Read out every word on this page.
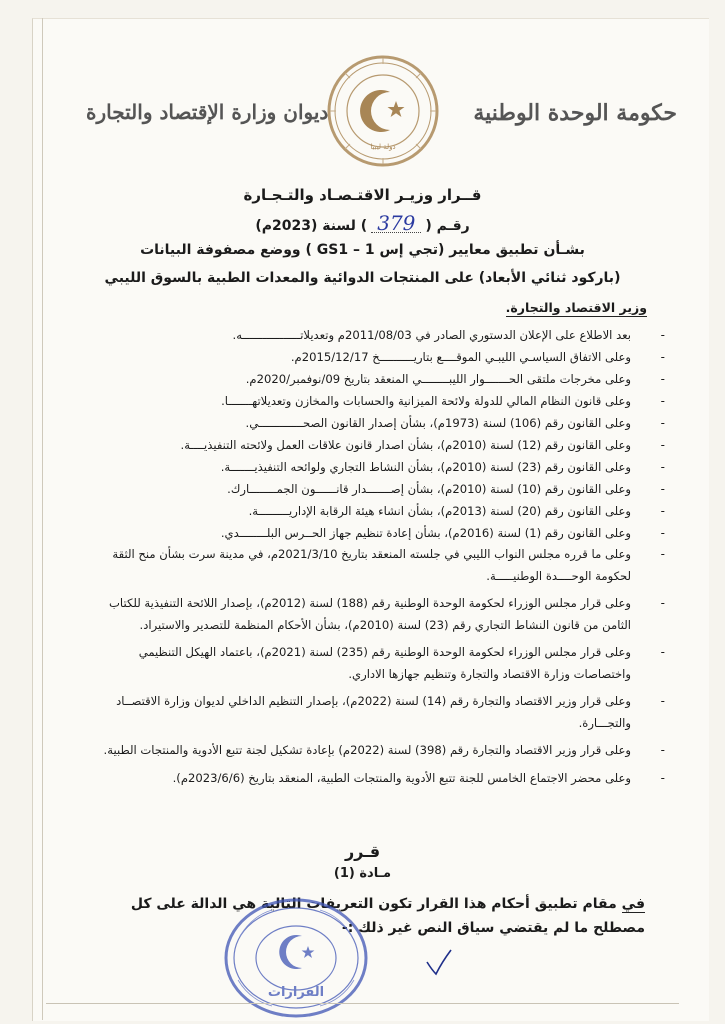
حكومة الوحدة الوطنية
ديوان وزارة الإقتصاد والتجارة
دولة ليبيا
قــرار وزيـر الاقتـصـاد والتـجـارة
رقـم (379) لسنة (2023م)
بشـأن تطبيق معايير (تجي إس 1 – GS1 ) ووضع مصفوفة البيانات
(باركود ثنائي الأبعاد) على المنتجات الدوائية والمعدات الطبية بالسوق الليبي
وزير الاقتصاد والتجارة.
-
بعد الاطلاع على الإعلان الدستوري الصادر في 2011/08/03م وتعديلاتـــــــــــــــــه.
-
وعلى الاتفاق السياسـي الليبـي الموقــــع بتاريــــــــــخ 2015/12/17م.
-
وعلى مخرجات ملتقى الحـــــــوار الليبــــــــي المنعقد بتاريخ 09/نوفمبر/2020م.
-
وعلى قانون النظام المالي للدولة ولائحة الميزانية والحسابات والمخازن وتعديلاتهـــــــا.
-
وعلى القانون رقم (106) لسنة (1973م)، بشأن إصدار القانون الصحـــــــــــــي.
-
وعلى القانون رقم (12) لسنة (2010م)، بشأن اصدار قانون علاقات العمل ولائحته التنفيذيــــة.
-
وعلى القانون رقم (23) لسنة (2010م)، بشأن النشاط التجاري ولوائحه التنفيذيـــــــة.
-
وعلى القانون رقم (10) لسنة (2010م)، بشأن إصـــــــدار قانــــــون الجمــــــــارك.
-
وعلى القانون رقم (20) لسنة (2013م)، بشأن انشاء هيئة الرقابة الإداريـــــــــة.
-
وعلى القانون رقم (1) لسنة (2016م)، بشأن إعادة تنظيم جهاز الحــرس البلــــــــدي.
-
وعلى ما قرره مجلس النواب الليبي في جلسته المنعقد بتاريخ 2021/3/10م، في مدينة سرت بشأن منح الثقة لحكومة الوحــــدة الوطنيـــــة.
-
وعلى قرار مجلس الوزراء لحكومة الوحدة الوطنية رقم (188) لسنة (2012م)، بإصدار اللائحة التنفيذية للكتاب الثامن من قانون النشاط التجاري رقم (23) لسنة (2010م)، بشأن الأحكام المنظمة للتصدير والاستيراد.
-
وعلى قرار مجلس الوزراء لحكومة الوحدة الوطنية رقم (235) لسنة (2021م)، باعتماد الهيكل التنظيمي واختصاصات وزارة الاقتصاد والتجارة وتنظيم جهازها الاداري.
-
وعلى قرار وزير الاقتصاد والتجارة رقم (14) لسنة (2022م)، بإصدار التنظيم الداخلي لديوان وزارة الاقتصــاد والتجـــارة.
-
وعلى قرار وزير الاقتصاد والتجارة رقم (398) لسنة (2022م) بإعادة تشكيل لجنة تتبع الأدوية والمنتجات الطبية.
-
وعلى محضر الاجتماع الخامس للجنة تتبع الأدوية والمنتجات الطبية، المنعقد بتاريخ (2023/6/6م).
قـرر
مـادة (1)
في مقام تطبيق أحكام هذا القرار تكون التعريفات التالية هي الدالة على كل مصطلح ما لم يقتضي سياق النص غير ذلك :-
القرارات
